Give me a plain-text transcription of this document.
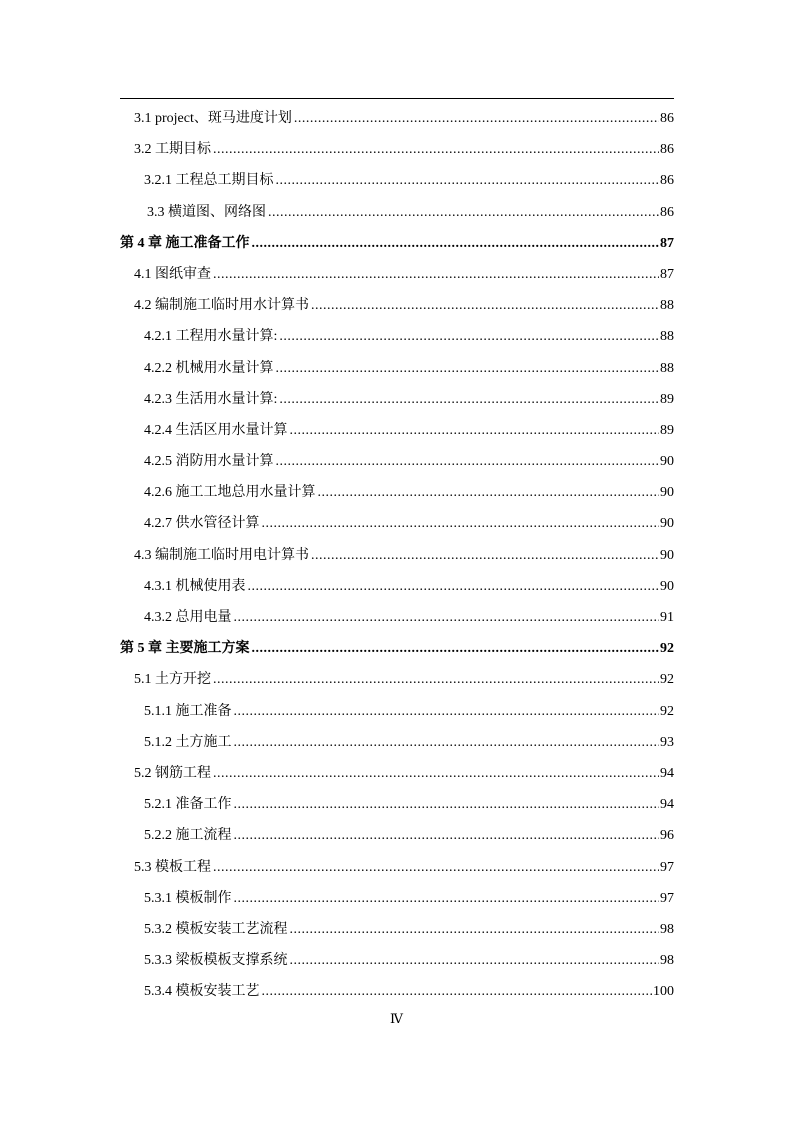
3.1 project、斑马进度计划 .....	86
3.2 工期目标 .....	86
3.2.1 工程总工期目标 .....	86
3.3 横道图、网络图 .....	86
第 4 章 施工准备工作 .....	87
4.1 图纸审查 .....	87
4.2 编制施工临时用水计算书 .....	88
4.2.1 工程用水量计算: .....	88
4.2.2 机械用水量计算 .....	88
4.2.3 生活用水量计算: .....	89
4.2.4 生活区用水量计算 .....	89
4.2.5 消防用水量计算 .....	90
4.2.6 施工工地总用水量计算 .....	90
4.2.7 供水管径计算 .....	90
4.3 编制施工临时用电计算书 .....	90
4.3.1 机械使用表 .....	90
4.3.2 总用电量 .....	91
第 5 章 主要施工方案 .....	92
5.1 土方开挖 .....	92
5.1.1 施工准备 .....	92
5.1.2 土方施工 .....	93
5.2 钢筋工程 .....	94
5.2.1 准备工作 .....	94
5.2.2 施工流程 .....	96
5.3 模板工程 .....	97
5.3.1 模板制作 .....	97
5.3.2 模板安装工艺流程 .....	98
5.3.3 梁板模板支撑系统 .....	98
5.3.4 模板安装工艺 .....	100
Ⅳ
